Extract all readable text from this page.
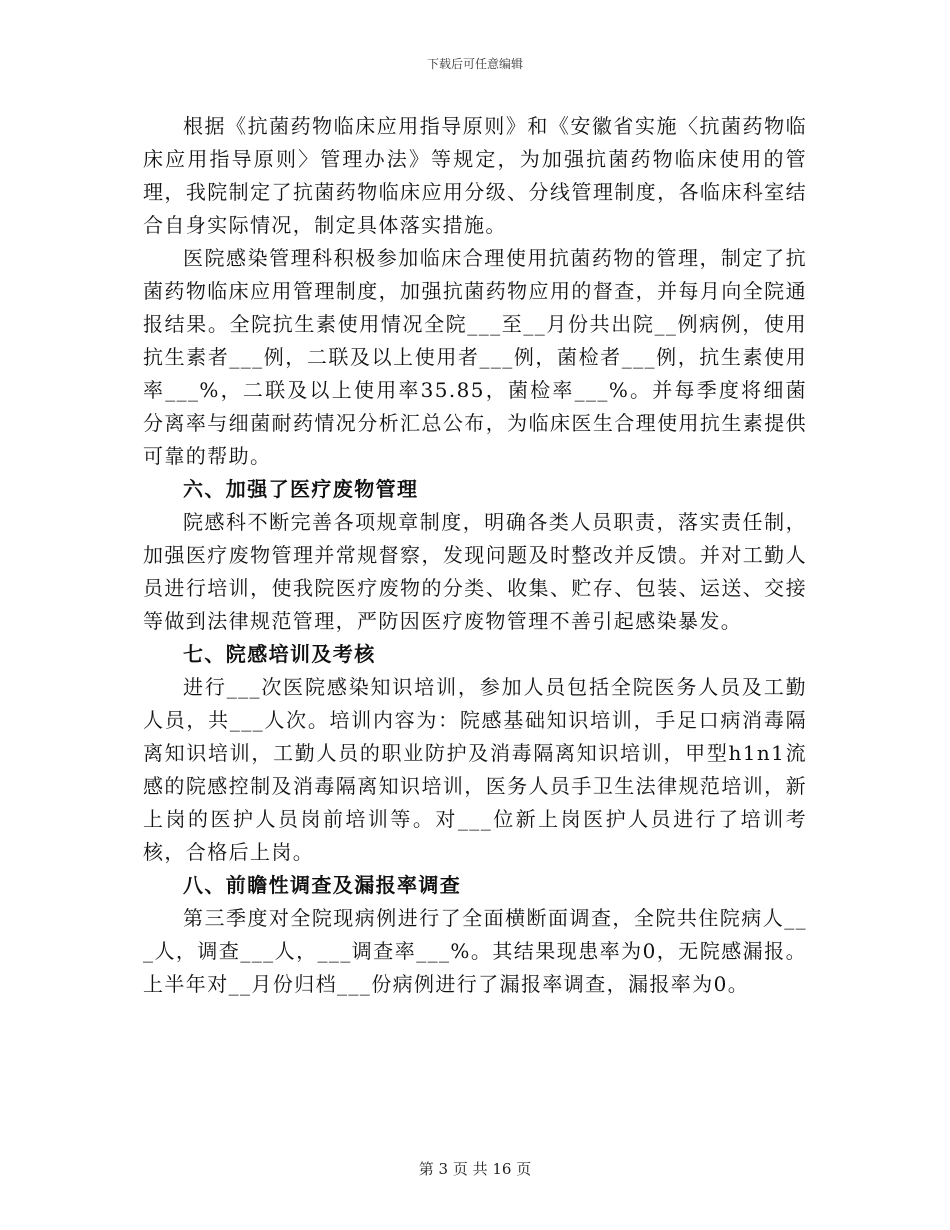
下载后可任意编辑

根据《抗菌药物临床应用指导原则》和《安徽省实施〈抗菌药物临床应用指导原则〉管理办法》等规定，为加强抗菌药物临床使用的管理，我院制定了抗菌药物临床应用分级、分线管理制度，各临床科室结合自身实际情况，制定具体落实措施。

医院感染管理科积极参加临床合理使用抗菌药物的管理，制定了抗菌药物临床应用管理制度，加强抗菌药物应用的督查，并每月向全院通报结果。全院抗生素使用情况全院___至__月份共出院__例病例，使用抗生素者___例，二联及以上使用者___例，菌检者___例，抗生素使用率___%，二联及以上使用率35.85，菌检率___%。并每季度将细菌分离率与细菌耐药情况分析汇总公布，为临床医生合理使用抗生素提供可靠的帮助。

六、加强了医疗废物管理

院感科不断完善各项规章制度，明确各类人员职责，落实责任制，加强医疗废物管理并常规督察，发现问题及时整改并反馈。并对工勤人员进行培训，使我院医疗废物的分类、收集、贮存、包装、运送、交接等做到法律规范管理，严防因医疗废物管理不善引起感染暴发。

七、院感培训及考核

进行___次医院感染知识培训，参加人员包括全院医务人员及工勤人员，共___人次。培训内容为：院感基础知识培训，手足口病消毒隔离知识培训，工勤人员的职业防护及消毒隔离知识培训，甲型h1n1流感的院感控制及消毒隔离知识培训，医务人员手卫生法律规范培训，新上岗的医护人员岗前培训等。对___位新上岗医护人员进行了培训考核，合格后上岗。

八、前瞻性调查及漏报率调查

第三季度对全院现病例进行了全面横断面调查，全院共住院病人___人，调查___人，___调查率___%。其结果现患率为0，无院感漏报。上半年对__月份归档___份病例进行了漏报率调查，漏报率为0。

第 3 页 共 16 页
